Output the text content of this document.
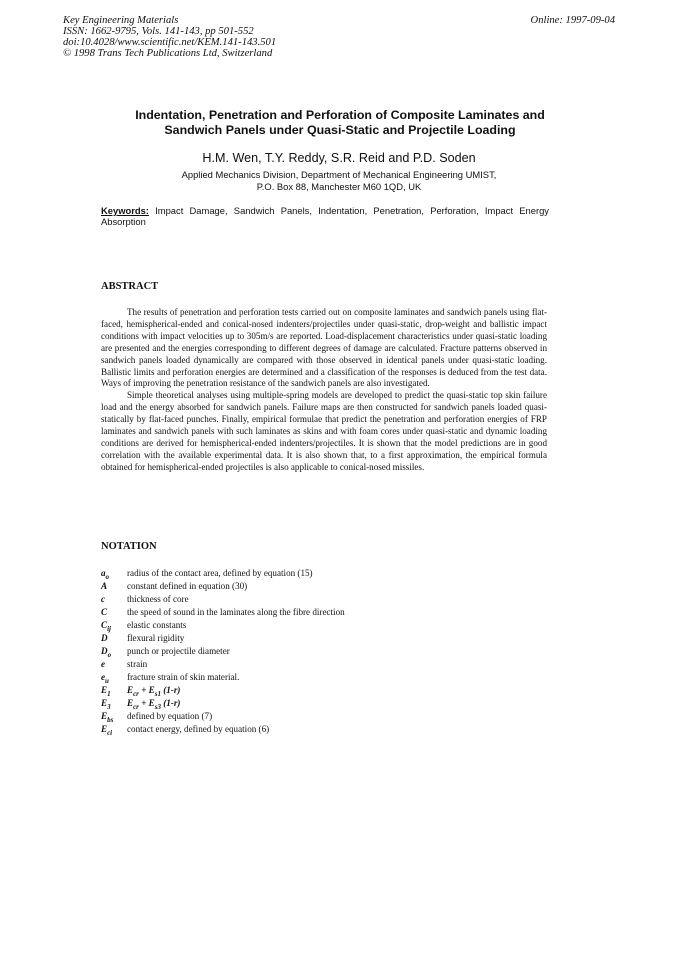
Key Engineering Materials
ISSN: 1662-9795, Vols. 141-143, pp 501-552
doi:10.4028/www.scientific.net/KEM.141-143.501
© 1998 Trans Tech Publications Ltd, Switzerland
Online: 1997-09-04
Indentation, Penetration and Perforation of Composite Laminates and
Sandwich Panels under Quasi-Static and Projectile Loading
H.M. Wen, T.Y. Reddy, S.R. Reid and P.D. Soden
Applied Mechanics Division, Department of Mechanical Engineering UMIST,
P.O. Box 88, Manchester M60 1QD, UK
Keywords: Impact Damage, Sandwich Panels, Indentation, Penetration, Perforation, Impact Energy Absorption
ABSTRACT

The results of penetration and perforation tests carried out on composite laminates and sandwich panels using flat-faced, hemispherical-ended and conical-nosed indenters/projectiles under quasi-static, drop-weight and ballistic impact conditions with impact velocities up to 305m/s are reported. Load-displacement characteristics under quasi-static loading are presented and the energies corresponding to different degrees of damage are calculated. Fracture patterns observed in sandwich panels loaded dynamically are compared with those observed in identical panels under quasi-static loading. Ballistic limits and perforation energies are determined and a classification of the responses is deduced from the test data. Ways of improving the penetration resistance of the sandwich panels are also investigated.

Simple theoretical analyses using multiple-spring models are developed to predict the quasi-static top skin failure load and the energy absorbed for sandwich panels. Failure maps are then constructed for sandwich panels loaded quasi-statically by flat-faced punches. Finally, empirical formulae that predict the penetration and perforation energies of FRP laminates and sandwich panels with such laminates as skins and with foam cores under quasi-static and dynamic loading conditions are derived for hemispherical-ended indenters/projectiles. It is shown that the model predictions are in good correlation with the available experimental data. It is also shown that, to a first approximation, the empirical formula obtained for hemispherical-ended projectiles is also applicable to conical-nosed missiles.

NOTATION
$a_o$	radius of the contact area, defined by equation (15)
A	constant defined in equation (30)
c	thickness of core
C	the speed of sound in the laminates along the fibre direction
$C_{ij}$	elastic constants
D	flexural rigidity
$D_o$	punch or projectile diameter
e	strain
$e_u$	fracture strain of skin material.
$E_1$	$E_{cr} + E_{s1}$ (1-r)
$E_3$	$E_{cr} + E_{s3}$ (1-r)
$E_{bs}$	defined by equation (7)
$E_{ci}$	contact energy, defined by equation (6)
